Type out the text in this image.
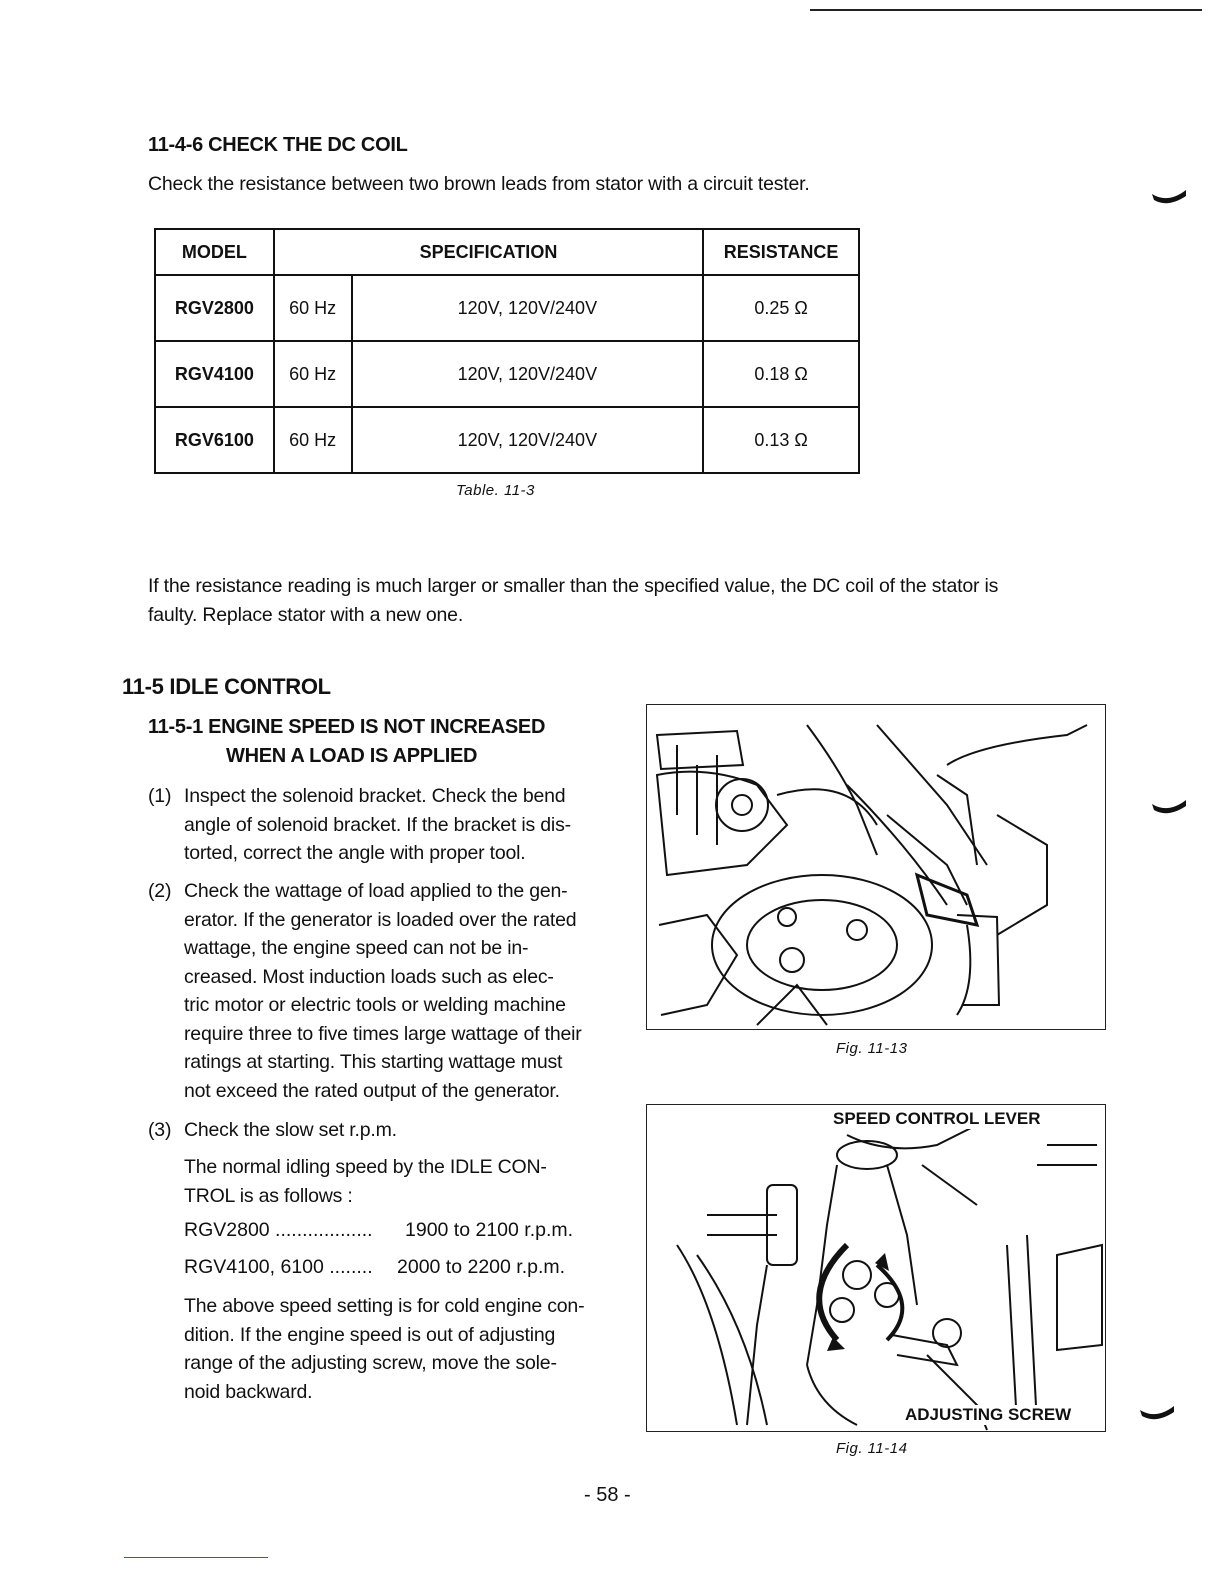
11-4-6 CHECK THE DC COIL

Check the resistance between two brown leads from stator with a circuit tester.

MODEL	SPECIFICATION		RESISTANCE
RGV2800	60 Hz	120V, 120V/240V	0.25 Ω
RGV4100	60 Hz	120V, 120V/240V	0.18 Ω
RGV6100	60 Hz	120V, 120V/240V	0.13 Ω
Table. 11-3

If the resistance reading is much larger or smaller than the specified value, the DC coil of the stator is

faulty. Replace stator with a new one.

11-5 IDLE CONTROL
11-5-1 ENGINE SPEED IS NOT INCREASED
WHEN A LOAD IS APPLIED
(1) Inspect the solenoid bracket. Check the bend
angle of solenoid bracket. If the bracket is dis-
torted, correct the angle with proper tool.
(2) Check the wattage of load applied to the gen-
erator. If the generator is loaded over the rated
wattage, the engine speed can not be in-
creased. Most induction loads such as elec-
tric motor or electric tools or welding machine
require three to five times large wattage of their
ratings at starting. This starting wattage must
not exceed the rated output of the generator.
(3) Check the slow set r.p.m.
The normal idling speed by the IDLE CON-
TROL is as follows :
RGV2800 .................. 1900 to 2100 r.p.m.
RGV4100, 6100 ........ 2000 to 2200 r.p.m.
The above speed setting is for cold engine con-
dition. If the engine speed is out of adjusting
range of the adjusting screw, move the sole-
noid backward.
Fig. 11-13
SPEED CONTROL LEVER
ADJUSTING SCREW
Fig. 11-14
- 58 -
